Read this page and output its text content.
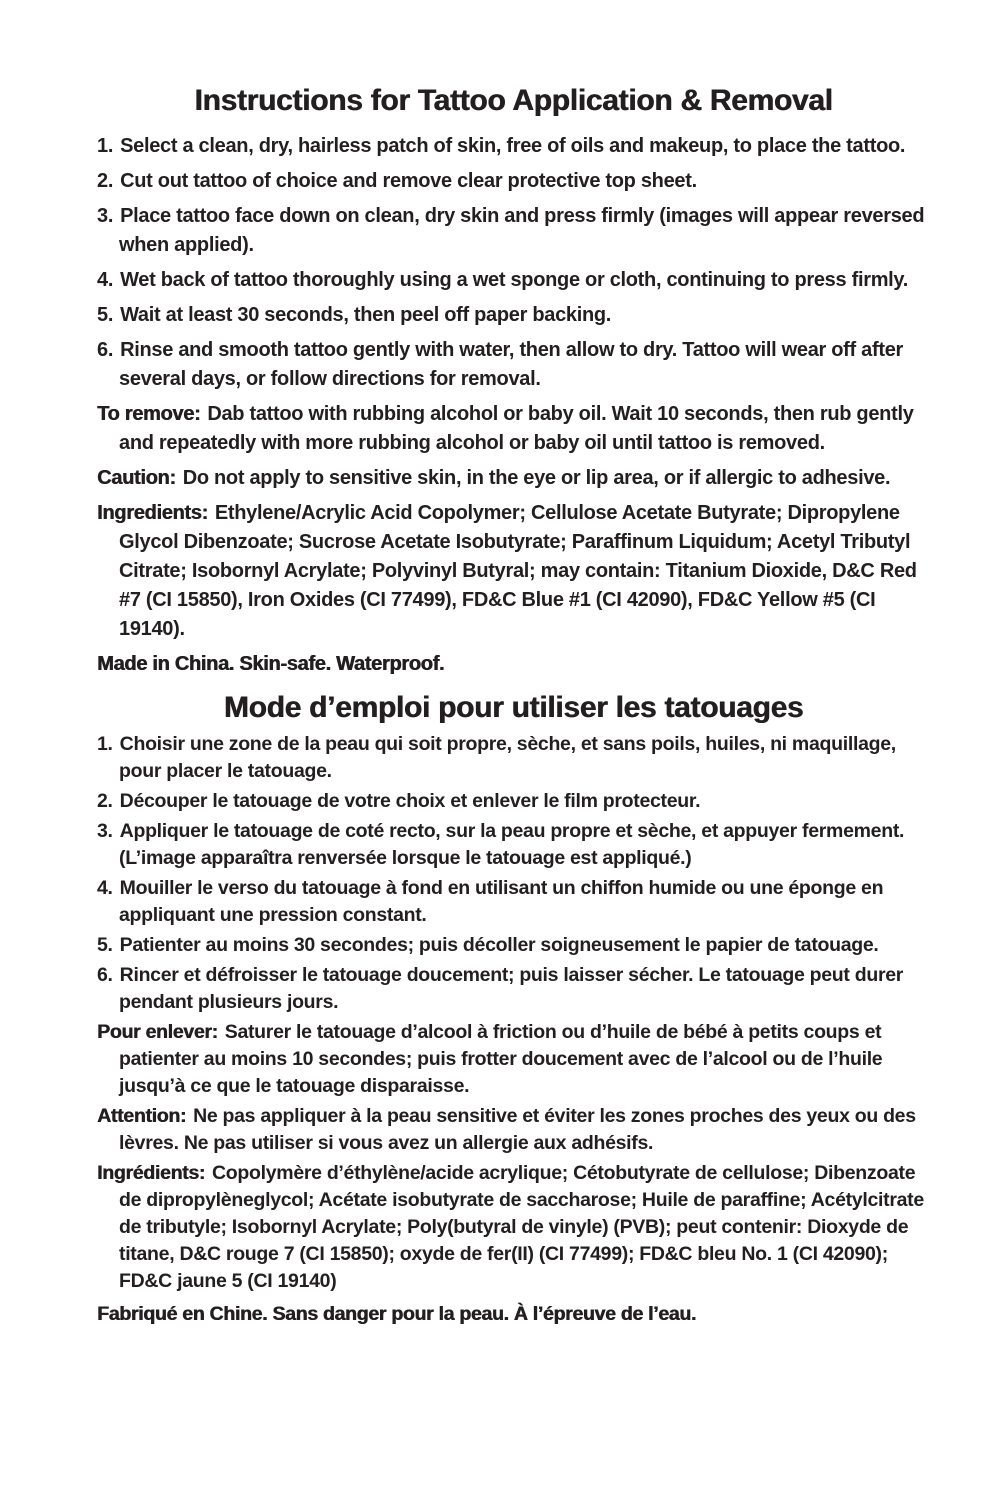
Instructions for Tattoo Application & Removal

1. Select a clean, dry, hairless patch of skin, free of oils and makeup, to place the tattoo.

2. Cut out tattoo of choice and remove clear protective top sheet.

3. Place tattoo face down on clean, dry skin and press firmly (images will appear reversed when applied).

4. Wet back of tattoo thoroughly using a wet sponge or cloth, continuing to press firmly.

5. Wait at least 30 seconds, then peel off paper backing.

6. Rinse and smooth tattoo gently with water, then allow to dry. Tattoo will wear off after several days, or follow directions for removal.

To remove: Dab tattoo with rubbing alcohol or baby oil. Wait 10 seconds, then rub gently and repeatedly with more rubbing alcohol or baby oil until tattoo is removed.

Caution: Do not apply to sensitive skin, in the eye or lip area, or if allergic to adhesive.

Ingredients: Ethylene/Acrylic Acid Copolymer; Cellulose Acetate Butyrate; Dipropylene Glycol Dibenzoate; Sucrose Acetate Isobutyrate; Paraffinum Liquidum; Acetyl Tributyl Citrate; Isobornyl Acrylate; Polyvinyl Butyral; may contain: Titanium Dioxide, D&C Red #7 (CI 15850), Iron Oxides (CI 77499), FD&C Blue #1 (CI 42090), FD&C Yellow #5 (CI 19140).

Made in China. Skin-safe. Waterproof.

Mode d’emploi pour utiliser les tatouages

1. Choisir une zone de la peau qui soit propre, sèche, et sans poils, huiles, ni maquillage, pour placer le tatouage.

2. Découper le tatouage de votre choix et enlever le film protecteur.

3. Appliquer le tatouage de coté recto, sur la peau propre et sèche, et appuyer fermement. (L’image apparaîtra renversée lorsque le tatouage est appliqué.)

4. Mouiller le verso du tatouage à fond en utilisant un chiffon humide ou une éponge en appliquant une pression constant.

5. Patienter au moins 30 secondes; puis décoller soigneusement le papier de tatouage.

6. Rincer et défroisser le tatouage doucement; puis laisser sécher. Le tatouage peut durer pendant plusieurs jours.

Pour enlever: Saturer le tatouage d’alcool à friction ou d’huile de bébé à petits coups et patienter au moins 10 secondes; puis frotter doucement avec de l’alcool ou de l’huile jusqu’à ce que le tatouage disparaisse.

Attention: Ne pas appliquer à la peau sensitive et éviter les zones proches des yeux ou des lèvres. Ne pas utiliser si vous avez un allergie aux adhésifs.

Ingrédients: Copolymère d’éthylène/acide acrylique; Cétobutyrate de cellulose; Dibenzoate de dipropylèneglycol; Acétate isobutyrate de saccharose; Huile de paraffine; Acétylcitrate de tributyle; Isobornyl Acrylate; Poly(butyral de vinyle) (PVB); peut contenir: Dioxyde de titane, D&C rouge 7 (CI 15850); oxyde de fer(II) (CI 77499); FD&C bleu No. 1 (CI 42090); FD&C jaune 5 (CI 19140)

Fabriqué en Chine. Sans danger pour la peau. À l’épreuve de l’eau.
